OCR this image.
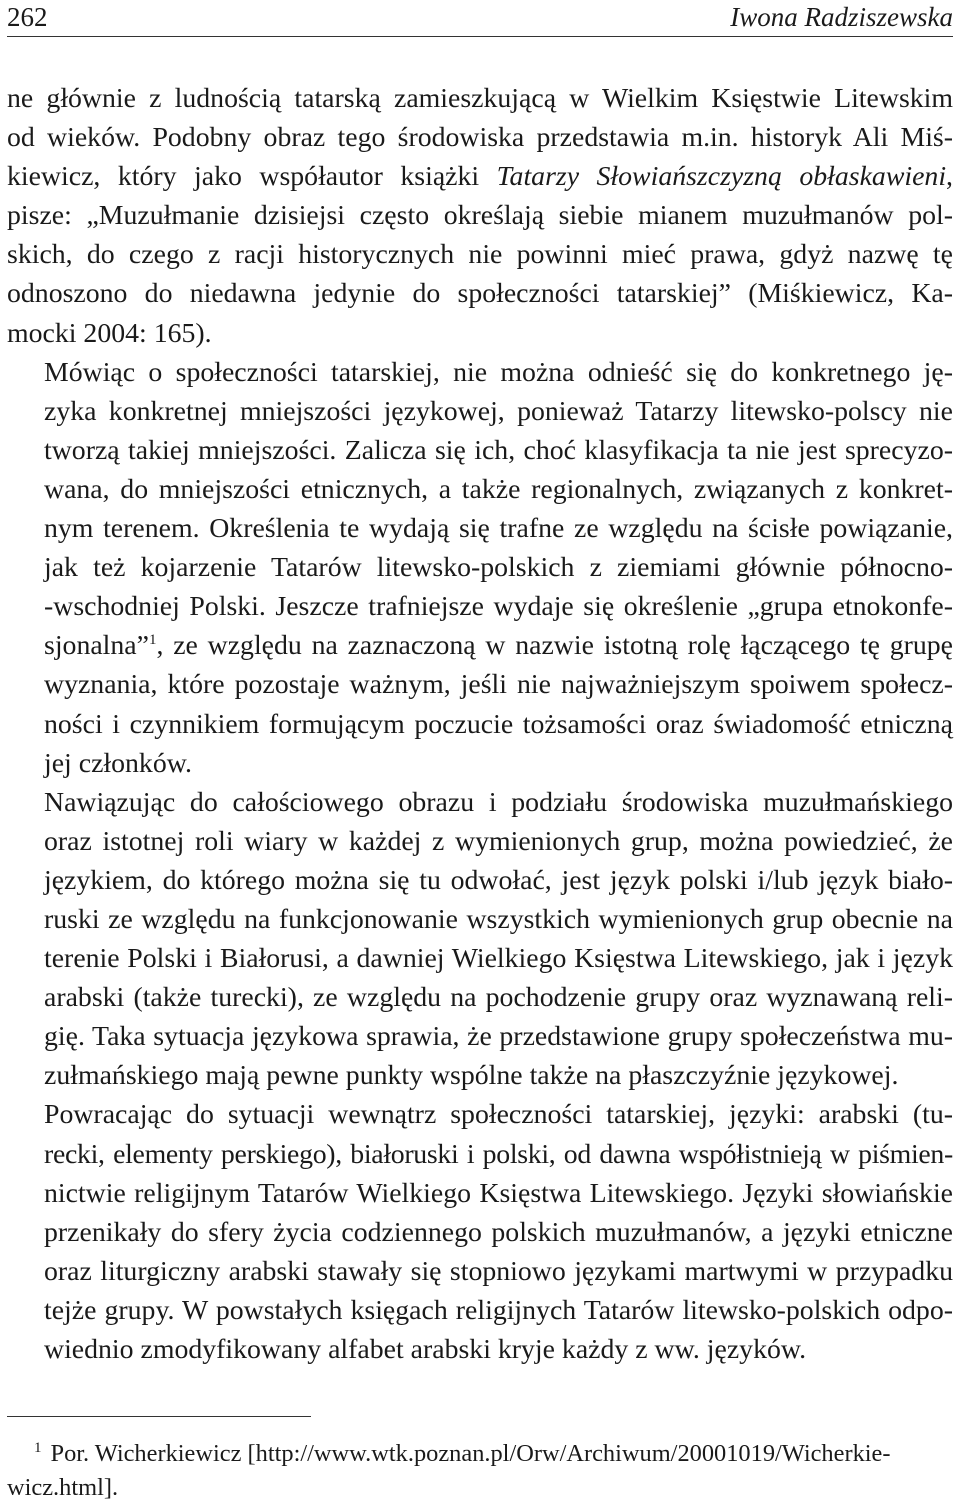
262	Iwona Radziszewska

ne głównie z ludnością tatarską zamieszkującą w Wielkim Księstwie Litewskim
od wieków. Podobny obraz tego środowiska przedstawia m.in. historyk Ali Miś-
kiewicz, który jako współautor książki Tatarzy Słowiańszczyzną obłaskawieni,
pisze: „Muzułmanie dzisiejsi często określają siebie mianem muzułmanów pol-
skich, do czego z racji historycznych nie powinni mieć prawa, gdyż nazwę tę
odnoszono do niedawna jedynie do społeczności tatarskiej” (Miśkiewicz, Ka-
mocki 2004: 165).

Mówiąc o społeczności tatarskiej, nie można odnieść się do konkretnego ję-
zyka konkretnej mniejszości językowej, ponieważ Tatarzy litewsko-polscy nie
tworzą takiej mniejszości. Zalicza się ich, choć klasyfikacja ta nie jest sprecyzo-
wana, do mniejszości etnicznych, a także regionalnych, związanych z konkret-
nym terenem. Określenia te wydają się trafne ze względu na ścisłe powiązanie,
jak też kojarzenie Tatarów litewsko-polskich z ziemiami głównie północno-
-wschodniej Polski. Jeszcze trafniejsze wydaje się określenie „grupa etnokonfe-
sjonalna”$^1$, ze względu na zaznaczoną w nazwie istotną rolę łączącego tę grupę
wyznania, które pozostaje ważnym, jeśli nie najważniejszym spoiwem społecz-
ności i czynnikiem formującym poczucie tożsamości oraz świadomość etniczną
jej członków.

Nawiązując do całościowego obrazu i podziału środowiska muzułmańskiego
oraz istotnej roli wiary w każdej z wymienionych grup, można powiedzieć, że
językiem, do którego można się tu odwołać, jest język polski i/lub język biało-
ruski ze względu na funkcjonowanie wszystkich wymienionych grup obecnie na
terenie Polski i Białorusi, a dawniej Wielkiego Księstwa Litewskiego, jak i język
arabski (także turecki), ze względu na pochodzenie grupy oraz wyznawaną reli-
gię. Taka sytuacja językowa sprawia, że przedstawione grupy społeczeństwa mu-
zułmańskiego mają pewne punkty wspólne także na płaszczyźnie językowej.

Powracając do sytuacji wewnątrz społeczności tatarskiej, języki: arabski (tu-
recki, elementy perskiego), białoruski i polski, od dawna współistnieją w piśmien-
nictwie religijnym Tatarów Wielkiego Księstwa Litewskiego. Języki słowiańskie
przenikały do sfery życia codziennego polskich muzułmanów, a języki etniczne
oraz liturgiczny arabski stawały się stopniowo językami martwymi w przypadku
tejże grupy. W powstałych księgach religijnych Tatarów litewsko-polskich odpo-
wiednio zmodyfikowany alfabet arabski kryje każdy z ww. języków.

$^1$ Por. Wicherkiewicz [http://www.wtk.poznan.pl/Orw/Archiwum/20001019/Wicherkie-
wicz.html].
